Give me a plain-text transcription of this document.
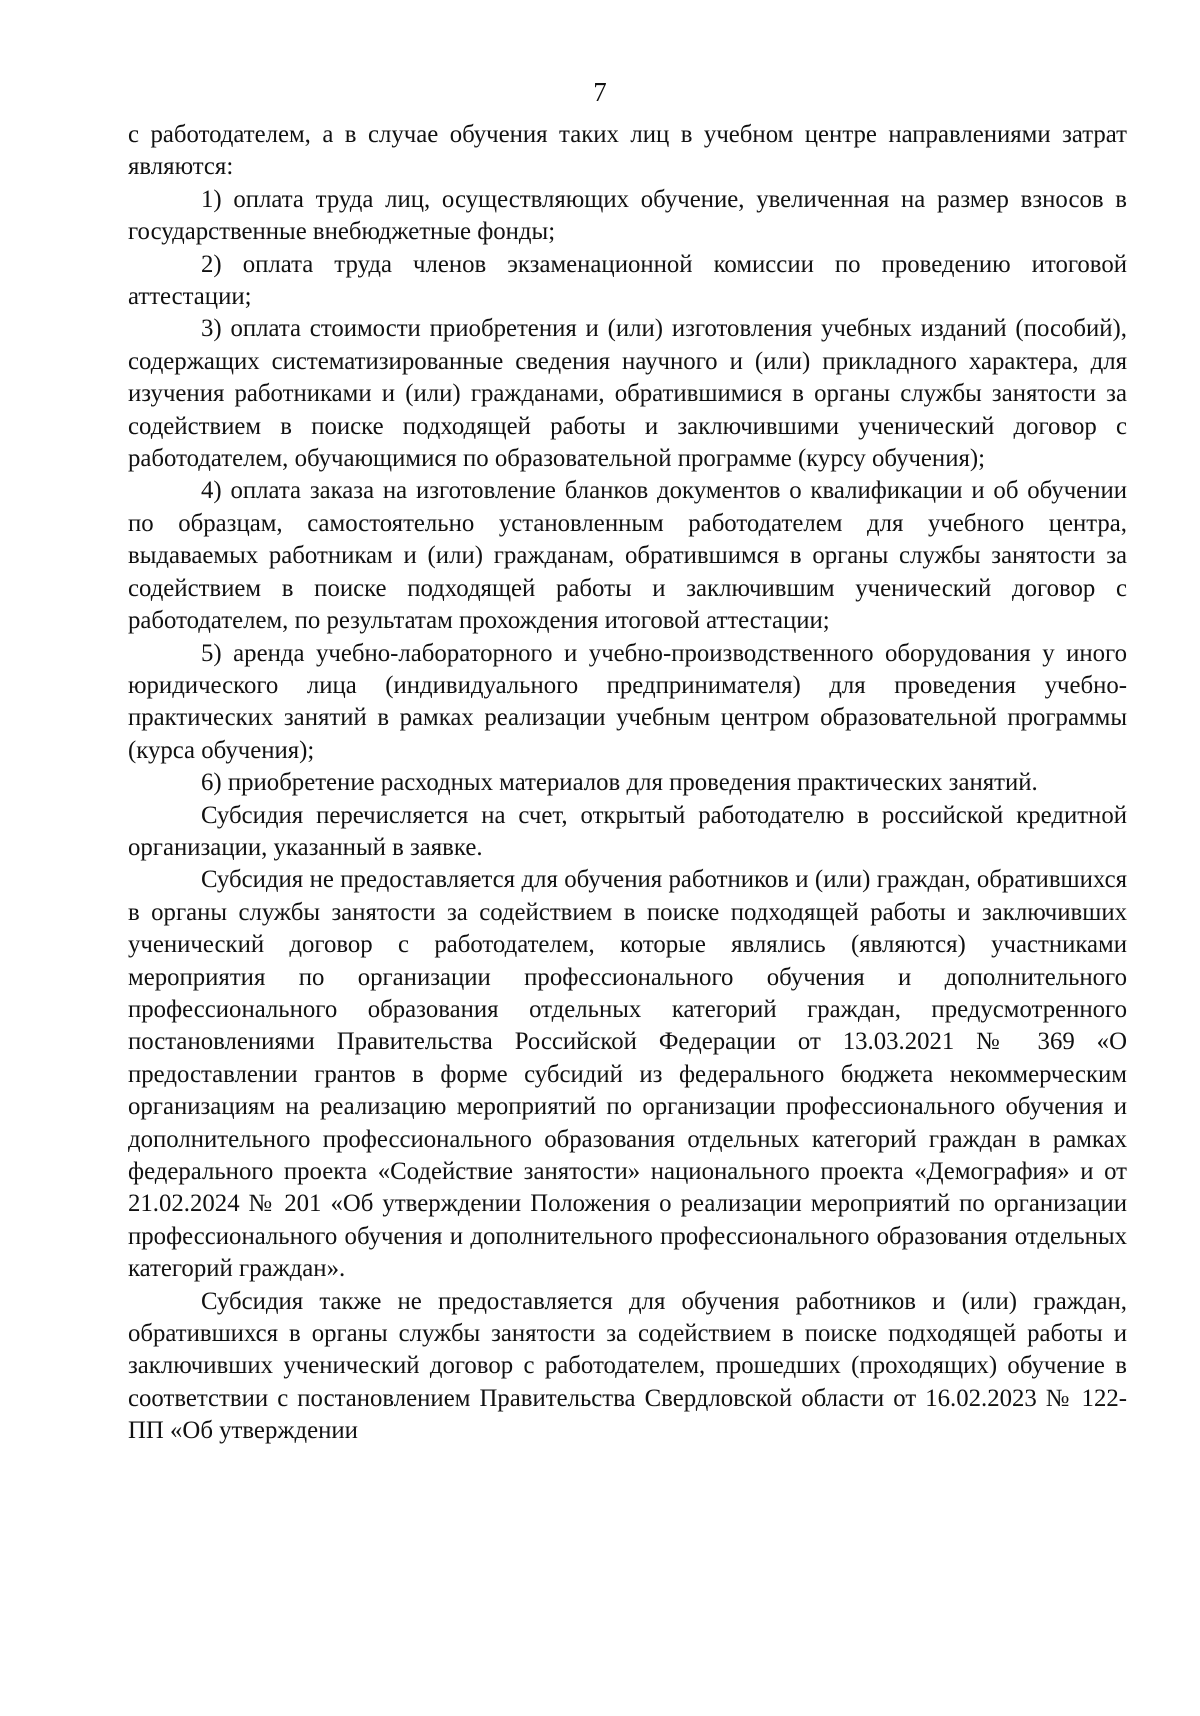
7

с работодателем, а в случае обучения таких лиц в учебном центре направлениями затрат являются:

1) оплата труда лиц, осуществляющих обучение, увеличенная на размер взносов в государственные внебюджетные фонды;

2) оплата труда членов экзаменационной комиссии по проведению итоговой аттестации;

3) оплата стоимости приобретения и (или) изготовления учебных изданий (пособий), содержащих систематизированные сведения научного и (или) прикладного характера, для изучения работниками и (или) гражданами, обратившимися в органы службы занятости за содействием в поиске подходящей работы и заключившими ученический договор с работодателем, обучающимися по образовательной программе (курсу обучения);

4) оплата заказа на изготовление бланков документов о квалификации и об обучении по образцам, самостоятельно установленным работодателем для учебного центра, выдаваемых работникам и (или) гражданам, обратившимся в органы службы занятости за содействием в поиске подходящей работы и заключившим ученический договор с работодателем, по результатам прохождения итоговой аттестации;

5) аренда учебно-лабораторного и учебно-производственного оборудования у иного юридического лица (индивидуального предпринимателя) для проведения учебно-практических занятий в рамках реализации учебным центром образовательной программы (курса обучения);

6) приобретение расходных материалов для проведения практических занятий.

Субсидия перечисляется на счет, открытый работодателю в российской кредитной организации, указанный в заявке.

Субсидия не предоставляется для обучения работников и (или) граждан, обратившихся в органы службы занятости за содействием в поиске подходящей работы и заключивших ученический договор с работодателем, которые являлись (являются) участниками мероприятия по организации профессионального обучения и дополнительного профессионального образования отдельных категорий граждан, предусмотренного постановлениями Правительства Российской Федерации от 13.03.2021 № 369 «О предоставлении грантов в форме субсидий из федерального бюджета некоммерческим организациям на реализацию мероприятий по организации профессионального обучения и дополнительного профессионального образования отдельных категорий граждан в рамках федерального проекта «Содействие занятости» национального проекта «Демография» и от 21.02.2024 № 201 «Об утверждении Положения о реализации мероприятий по организации профессионального обучения и дополнительного профессионального образования отдельных категорий граждан».

Субсидия также не предоставляется для обучения работников и (или) граждан, обратившихся в органы службы занятости за содействием в поиске подходящей работы и заключивших ученический договор с работодателем, прошедших (проходящих) обучение в соответствии с постановлением Правительства Свердловской области от 16.02.2023 № 122-ПП «Об утверждении
